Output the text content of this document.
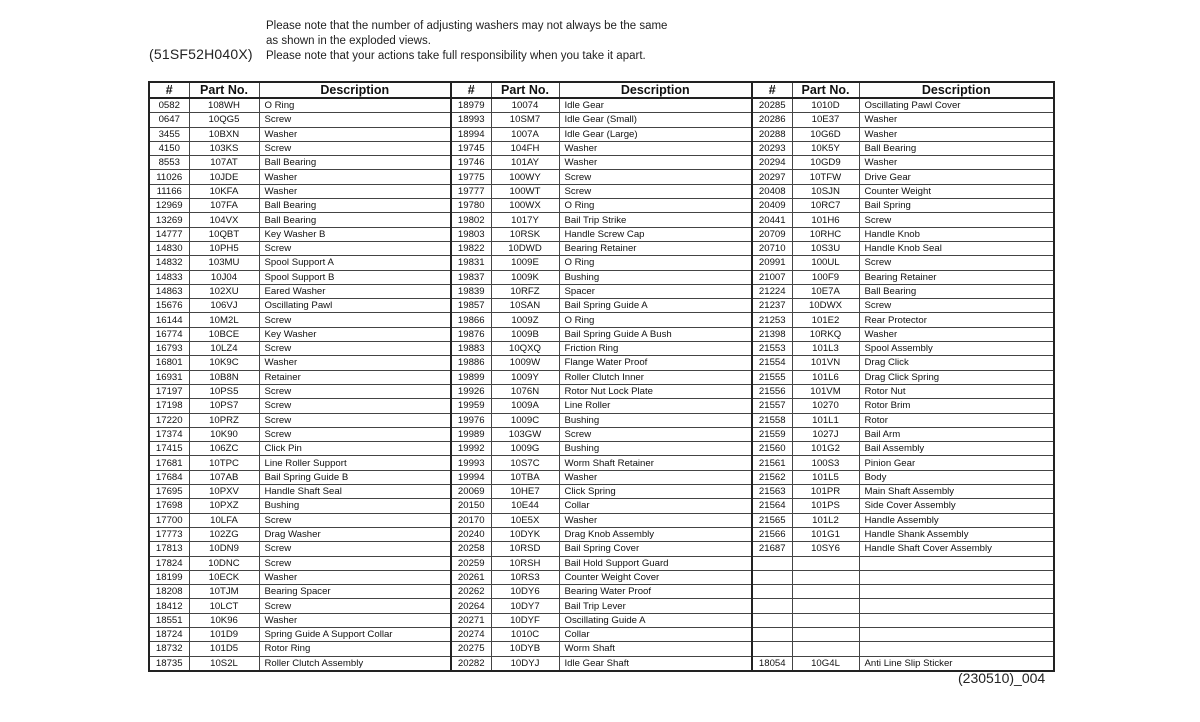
(51SF52H040X)
Please note that the number of adjusting washers may not always be the same
as shown in the exploded views.
Please note that your actions take full responsibility when you take it apart.
#	Part No.	Description	#	Part No.	Description	#	Part No.	Description
0582	108WH	O Ring	18979	10074	Idle Gear	20285	1010D	Oscillating Pawl Cover
0647	10QG5	Screw	18993	10SM7	Idle Gear (Small)	20286	10E37	Washer
3455	10BXN	Washer	18994	1007A	Idle Gear (Large)	20288	10G6D	Washer
4150	103KS	Screw	19745	104FH	Washer	20293	10K5Y	Ball Bearing
8553	107AT	Ball Bearing	19746	101AY	Washer	20294	10GD9	Washer
11026	10JDE	Washer	19775	100WY	Screw	20297	10TFW	Drive Gear
11166	10KFA	Washer	19777	100WT	Screw	20408	10SJN	Counter Weight
12969	107FA	Ball Bearing	19780	100WX	O Ring	20409	10RC7	Bail Spring
13269	104VX	Ball Bearing	19802	1017Y	Bail Trip Strike	20441	101H6	Screw
14777	10QBT	Key Washer B	19803	10RSK	Handle Screw Cap	20709	10RHC	Handle Knob
14830	10PH5	Screw	19822	10DWD	Bearing Retainer	20710	10S3U	Handle Knob Seal
14832	103MU	Spool Support A	19831	1009E	O Ring	20991	100UL	Screw
14833	10J04	Spool Support B	19837	1009K	Bushing	21007	100F9	Bearing Retainer
14863	102XU	Eared Washer	19839	10RFZ	Spacer	21224	10E7A	Ball Bearing
15676	106VJ	Oscillating Pawl	19857	10SAN	Bail Spring Guide A	21237	10DWX	Screw
16144	10M2L	Screw	19866	1009Z	O Ring	21253	101E2	Rear Protector
16774	10BCE	Key Washer	19876	1009B	Bail Spring Guide A Bush	21398	10RKQ	Washer
16793	10LZ4	Screw	19883	10QXQ	Friction Ring	21553	101L3	Spool Assembly
16801	10K9C	Washer	19886	1009W	Flange Water Proof	21554	101VN	Drag Click
16931	10B8N	Retainer	19899	1009Y	Roller Clutch Inner	21555	101L6	Drag Click Spring
17197	10PS5	Screw	19926	1076N	Rotor Nut Lock Plate	21556	101VM	Rotor Nut
17198	10PS7	Screw	19959	1009A	Line Roller	21557	10270	Rotor Brim
17220	10PRZ	Screw	19976	1009C	Bushing	21558	101L1	Rotor
17374	10K90	Screw	19989	103GW	Screw	21559	1027J	Bail Arm
17415	106ZC	Click Pin	19992	1009G	Bushing	21560	101G2	Bail Assembly
17681	10TPC	Line Roller Support	19993	10S7C	Worm Shaft Retainer	21561	100S3	Pinion Gear
17684	107AB	Bail Spring Guide B	19994	10TBA	Washer	21562	101L5	Body
17695	10PXV	Handle Shaft Seal	20069	10HE7	Click Spring	21563	101PR	Main Shaft Assembly
17698	10PXZ	Bushing	20150	10E44	Collar	21564	101PS	Side Cover Assembly
17700	10LFA	Screw	20170	10E5X	Washer	21565	101L2	Handle Assembly
17773	102ZG	Drag Washer	20240	10DYK	Drag Knob Assembly	21566	101G1	Handle Shank Assembly
17813	10DN9	Screw	20258	10RSD	Bail Spring Cover	21687	10SY6	Handle Shaft Cover Assembly
17824	10DNC	Screw	20259	10RSH	Bail Hold Support Guard			
18199	10ECK	Washer	20261	10RS3	Counter Weight Cover			
18208	10TJM	Bearing Spacer	20262	10DY6	Bearing Water Proof			
18412	10LCT	Screw	20264	10DY7	Bail Trip Lever			
18551	10K96	Washer	20271	10DYF	Oscillating Guide A			
18724	101D9	Spring Guide A Support Collar	20274	1010C	Collar			
18732	101D5	Rotor Ring	20275	10DYB	Worm Shaft			
18735	10S2L	Roller Clutch Assembly	20282	10DYJ	Idle Gear Shaft	18054	10G4L	Anti Line Slip Sticker
(230510)_004
